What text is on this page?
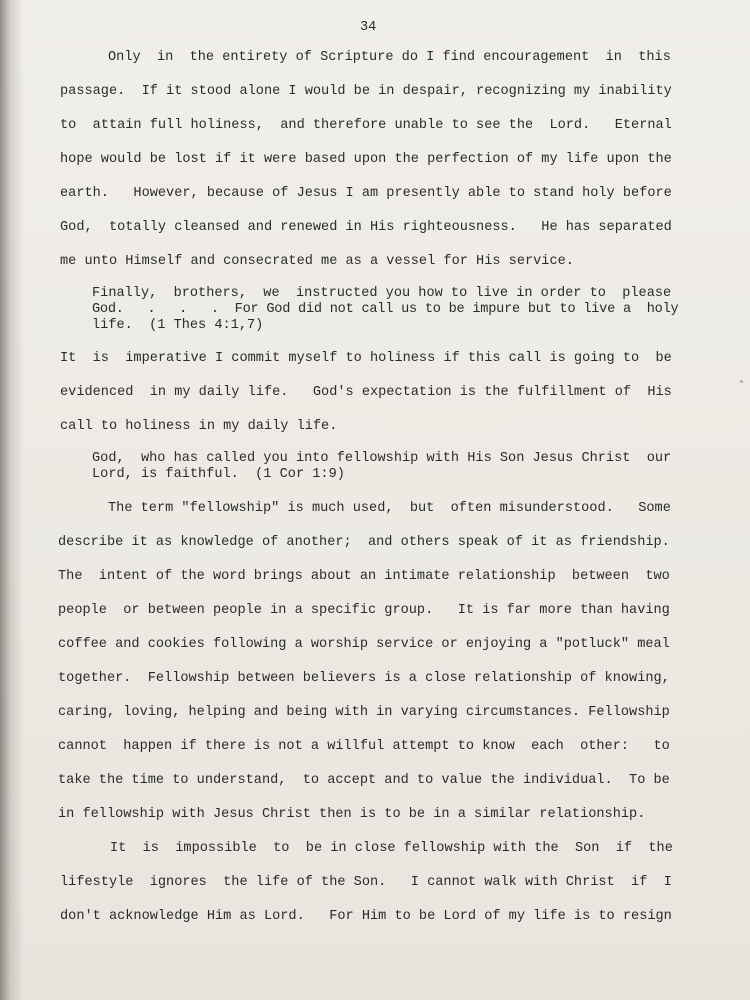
34
Only  in  the entirety of Scripture do I find encouragement  in  this
passage.  If it stood alone I would be in despair, recognizing my inability
to  attain full holiness,  and therefore unable to see the  Lord.   Eternal
hope would be lost if it were based upon the perfection of my life upon the
earth.   However, because of Jesus I am presently able to stand holy before
God,  totally cleansed and renewed in His righteousness.   He has separated
me unto Himself and consecrated me as a vessel for His service.
Finally,  brothers,  we  instructed you how to live in order to  please
God.   .   .   .  For God did not call us to be impure but to live a  holy
life.  (1 Thes 4:1,7)
It  is  imperative I commit myself to holiness if this call is going to  be
evidenced  in my daily life.   God's expectation is the fulfillment of  His
call to holiness in my daily life.
God,  who has called you into fellowship with His Son Jesus Christ  our
Lord, is faithful.  (1 Cor 1:9)
The term "fellowship" is much used,  but  often misunderstood.   Some
describe it as knowledge of another;  and others speak of it as friendship.
The  intent of the word brings about an intimate relationship  between  two
people  or between people in a specific group.   It is far more than having
coffee and cookies following a worship service or enjoying a "potluck" meal
together.  Fellowship between believers is a close relationship of knowing,
caring, loving, helping and being with in varying circumstances. Fellowship
cannot  happen if there is not a willful attempt to know  each  other:   to
take the time to understand,  to accept and to value the individual.  To be
in fellowship with Jesus Christ then is to be in a similar relationship.
It  is  impossible  to  be in close fellowship with the  Son  if  the
lifestyle  ignores  the life of the Son.   I cannot walk with Christ  if  I
don't acknowledge Him as Lord.   For Him to be Lord of my life is to resign
